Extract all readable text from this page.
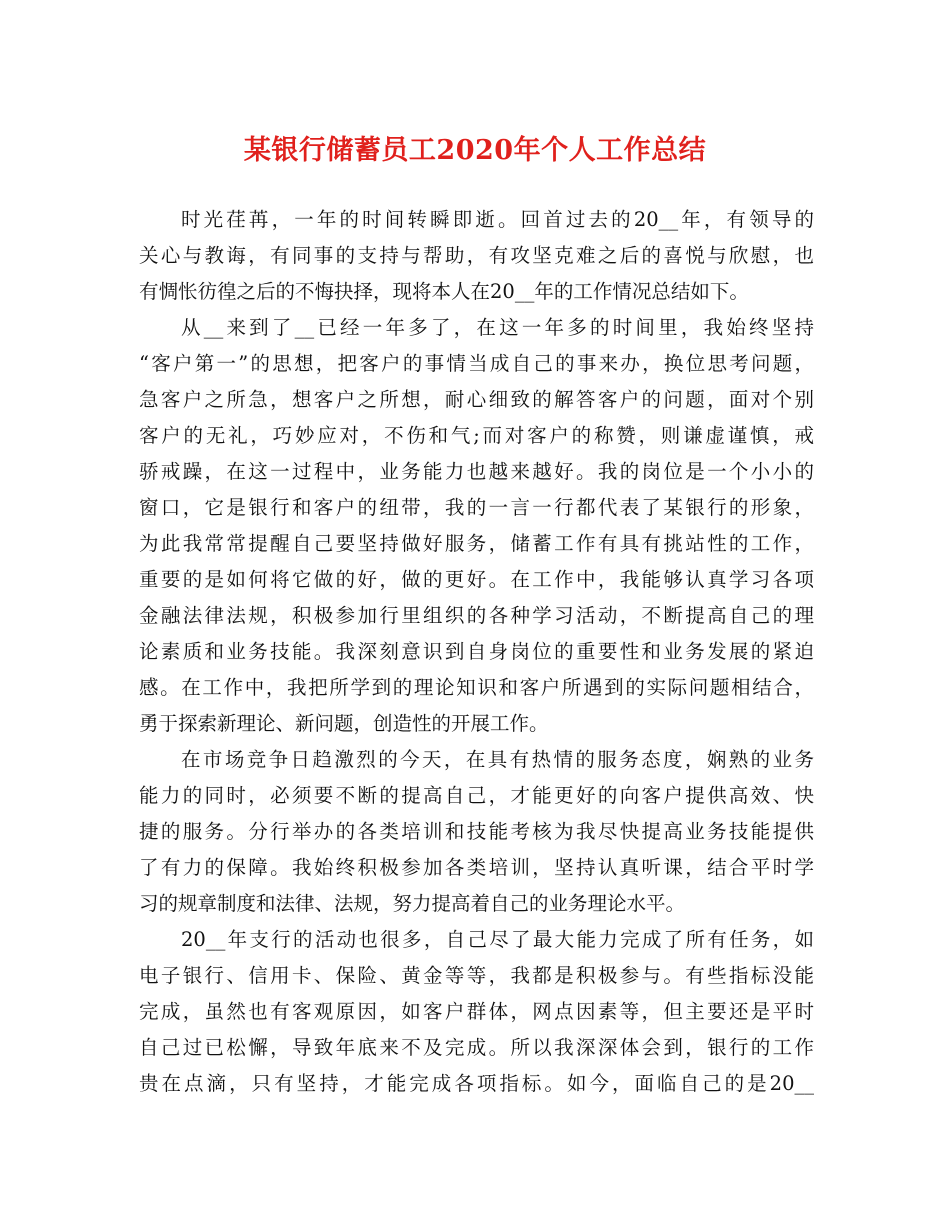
某银行储蓄员工2020年个人工作总结
时光荏苒，一年的时间转瞬即逝。回首过去的20__年，有领导的
关心与教诲，有同事的支持与帮助，有攻坚克难之后的喜悦与欣慰，也
有惆怅彷徨之后的不悔抉择，现将本人在20__年的工作情况总结如下。
从__来到了__已经一年多了，在这一年多的时间里，我始终坚持
“客户第一”的思想，把客户的事情当成自己的事来办，换位思考问题，
急客户之所急，想客户之所想，耐心细致的解答客户的问题，面对个别
客户的无礼，巧妙应对，不伤和气;而对客户的称赞，则谦虚谨慎，戒
骄戒躁，在这一过程中，业务能力也越来越好。我的岗位是一个小小的
窗口，它是银行和客户的纽带，我的一言一行都代表了某银行的形象，
为此我常常提醒自己要坚持做好服务，储蓄工作有具有挑站性的工作，
重要的是如何将它做的好，做的更好。在工作中，我能够认真学习各项
金融法律法规，积极参加行里组织的各种学习活动，不断提高自己的理
论素质和业务技能。我深刻意识到自身岗位的重要性和业务发展的紧迫
感。在工作中，我把所学到的理论知识和客户所遇到的实际问题相结合，
勇于探索新理论、新问题，创造性的开展工作。
在市场竞争日趋激烈的今天，在具有热情的服务态度，娴熟的业务
能力的同时，必须要不断的提高自己，才能更好的向客户提供高效、快
捷的服务。分行举办的各类培训和技能考核为我尽快提高业务技能提供
了有力的保障。我始终积极参加各类培训，坚持认真听课，结合平时学
习的规章制度和法律、法规，努力提高着自己的业务理论水平。
20__年支行的活动也很多，自己尽了最大能力完成了所有任务，如
电子银行、信用卡、保险、黄金等等，我都是积极参与。有些指标没能
完成，虽然也有客观原因，如客户群体，网点因素等，但主要还是平时
自己过已松懈，导致年底来不及完成。所以我深深体会到，银行的工作
贵在点滴，只有坚持，才能完成各项指标。如今，面临自己的是20__
